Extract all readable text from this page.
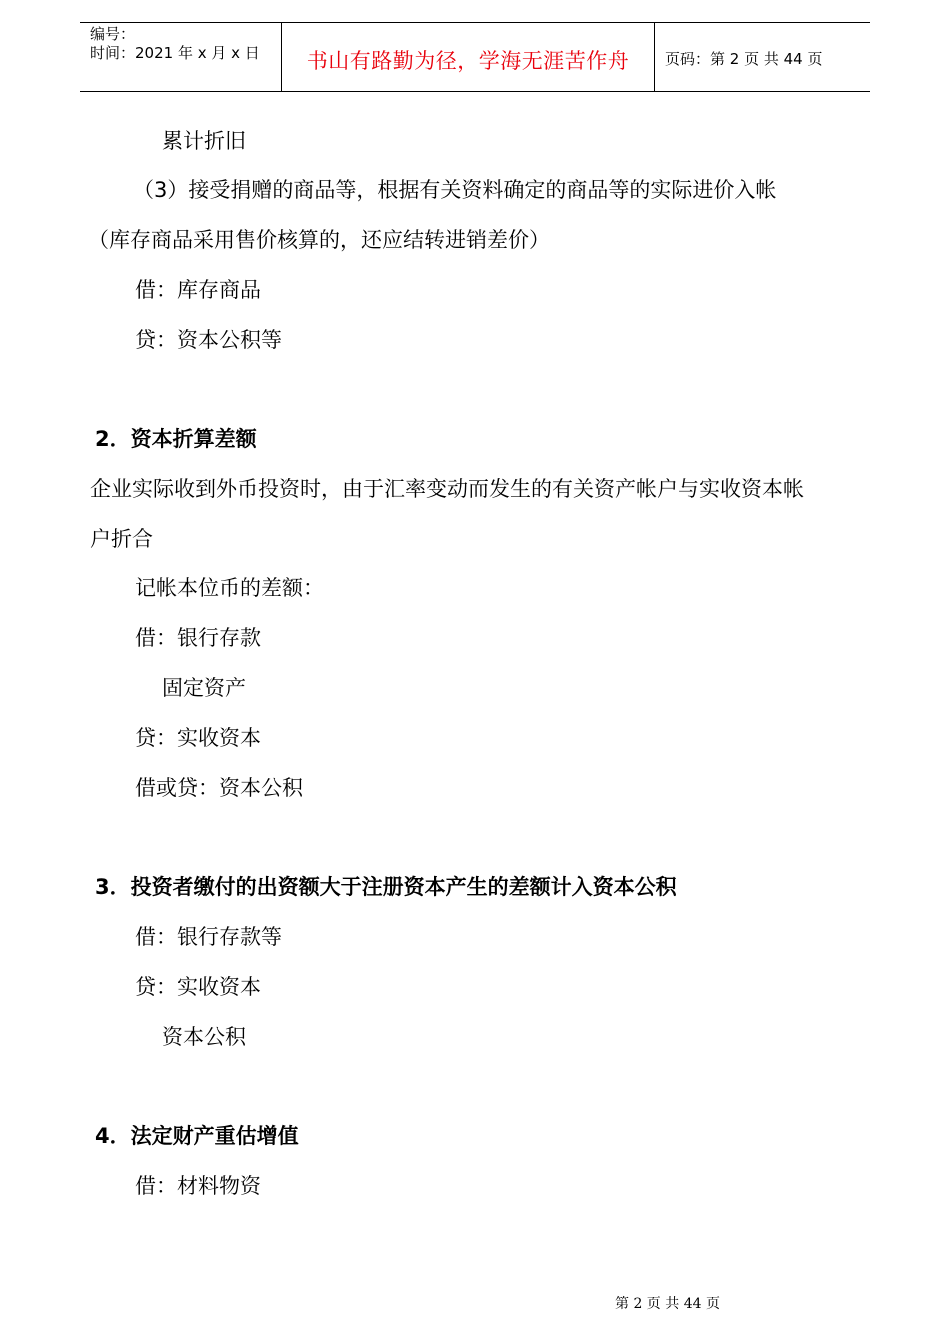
编号：
时间：2021 年 x 月 x 日	书山有路勤为径，学海无涯苦作舟	页码：第 2 页 共 44 页
累计折旧
（3）接受捐赠的商品等，根据有关资料确定的商品等的实际进价入帐
（库存商品采用售价核算的，还应结转进销差价）
借：库存商品
贷：资本公积等
2．资本折算差额
企业实际收到外币投资时，由于汇率变动而发生的有关资产帐户与实收资本帐
户折合
记帐本位币的差额：
借：银行存款
固定资产
贷：实收资本
借或贷：资本公积
3．投资者缴付的出资额大于注册资本产生的差额计入资本公积
借：银行存款等
贷：实收资本
资本公积
4．法定财产重估增值
借：材料物资
第 2 页 共 44 页
